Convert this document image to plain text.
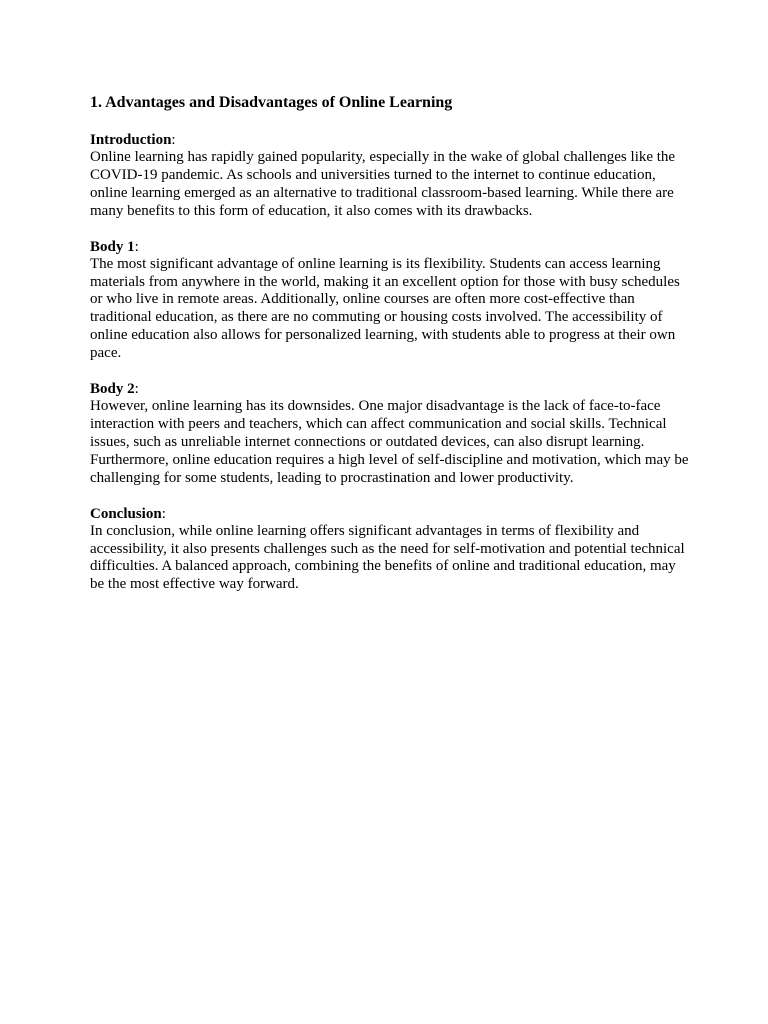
1. Advantages and Disadvantages of Online Learning

Introduction:

Online learning has rapidly gained popularity, especially in the wake of global challenges like the COVID-19 pandemic. As schools and universities turned to the internet to continue education, online learning emerged as an alternative to traditional classroom-based learning. While there are many benefits to this form of education, it also comes with its drawbacks.

Body 1:

The most significant advantage of online learning is its flexibility. Students can access learning materials from anywhere in the world, making it an excellent option for those with busy schedules or who live in remote areas. Additionally, online courses are often more cost-effective than traditional education, as there are no commuting or housing costs involved. The accessibility of online education also allows for personalized learning, with students able to progress at their own pace.

Body 2:

However, online learning has its downsides. One major disadvantage is the lack of face-to-face interaction with peers and teachers, which can affect communication and social skills. Technical issues, such as unreliable internet connections or outdated devices, can also disrupt learning. Furthermore, online education requires a high level of self-discipline and motivation, which may be challenging for some students, leading to procrastination and lower productivity.

Conclusion:

In conclusion, while online learning offers significant advantages in terms of flexibility and accessibility, it also presents challenges such as the need for self-motivation and potential technical difficulties. A balanced approach, combining the benefits of online and traditional education, may be the most effective way forward.
